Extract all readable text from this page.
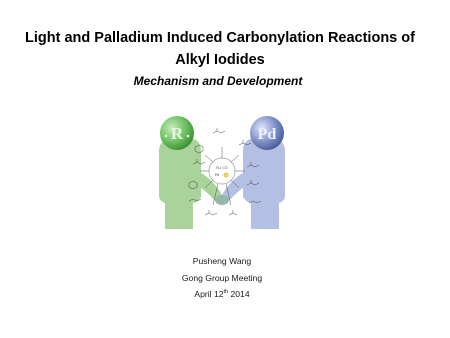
Light and Palladium Induced Carbonylation Reactions of
Alkyl Iodides
Mechanism and Development
R	Pd
R-I CO
Pd
Pusheng Wang
Gong Group Meeting
April 12th 2014
